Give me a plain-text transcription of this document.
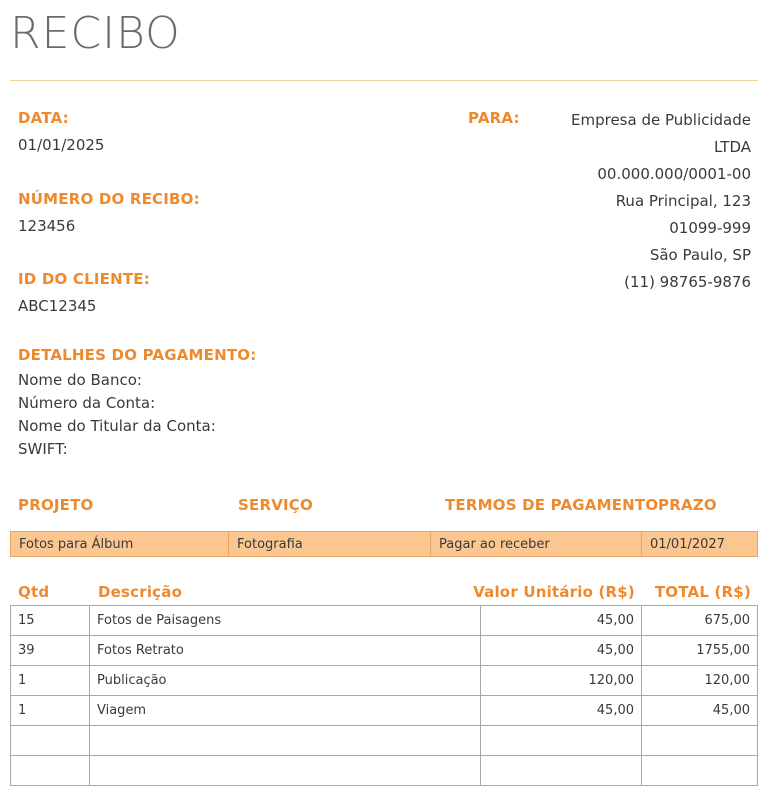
RECIBO
DATA:
01/01/2025
NÚMERO DO RECIBO:
123456
ID DO CLIENTE:
ABC12345
PARA:	Empresa de Publicidade
LTDA
00.000.000/0001-00
Rua Principal, 123
01099-999
São Paulo, SP
(11) 98765-9876
DETALHES DO PAGAMENTO:
Nome do Banco:
Número da Conta:
Nome do Titular da Conta:
SWIFT:
PROJETO	SERVIÇO	TERMOS DE PAGAMENTO PRAZO
Fotos para Álbum	Fotografia	Pagar ao receber	01/01/2027
Qtd	Descrição	Valor Unitário (R$) TOTAL (R$)
15	Fotos de Paisagens	45,00	675,00
39	Fotos Retrato	45,00	1755,00
1	Publicação	120,00	120,00
1	Viagem	45,00	45,00
